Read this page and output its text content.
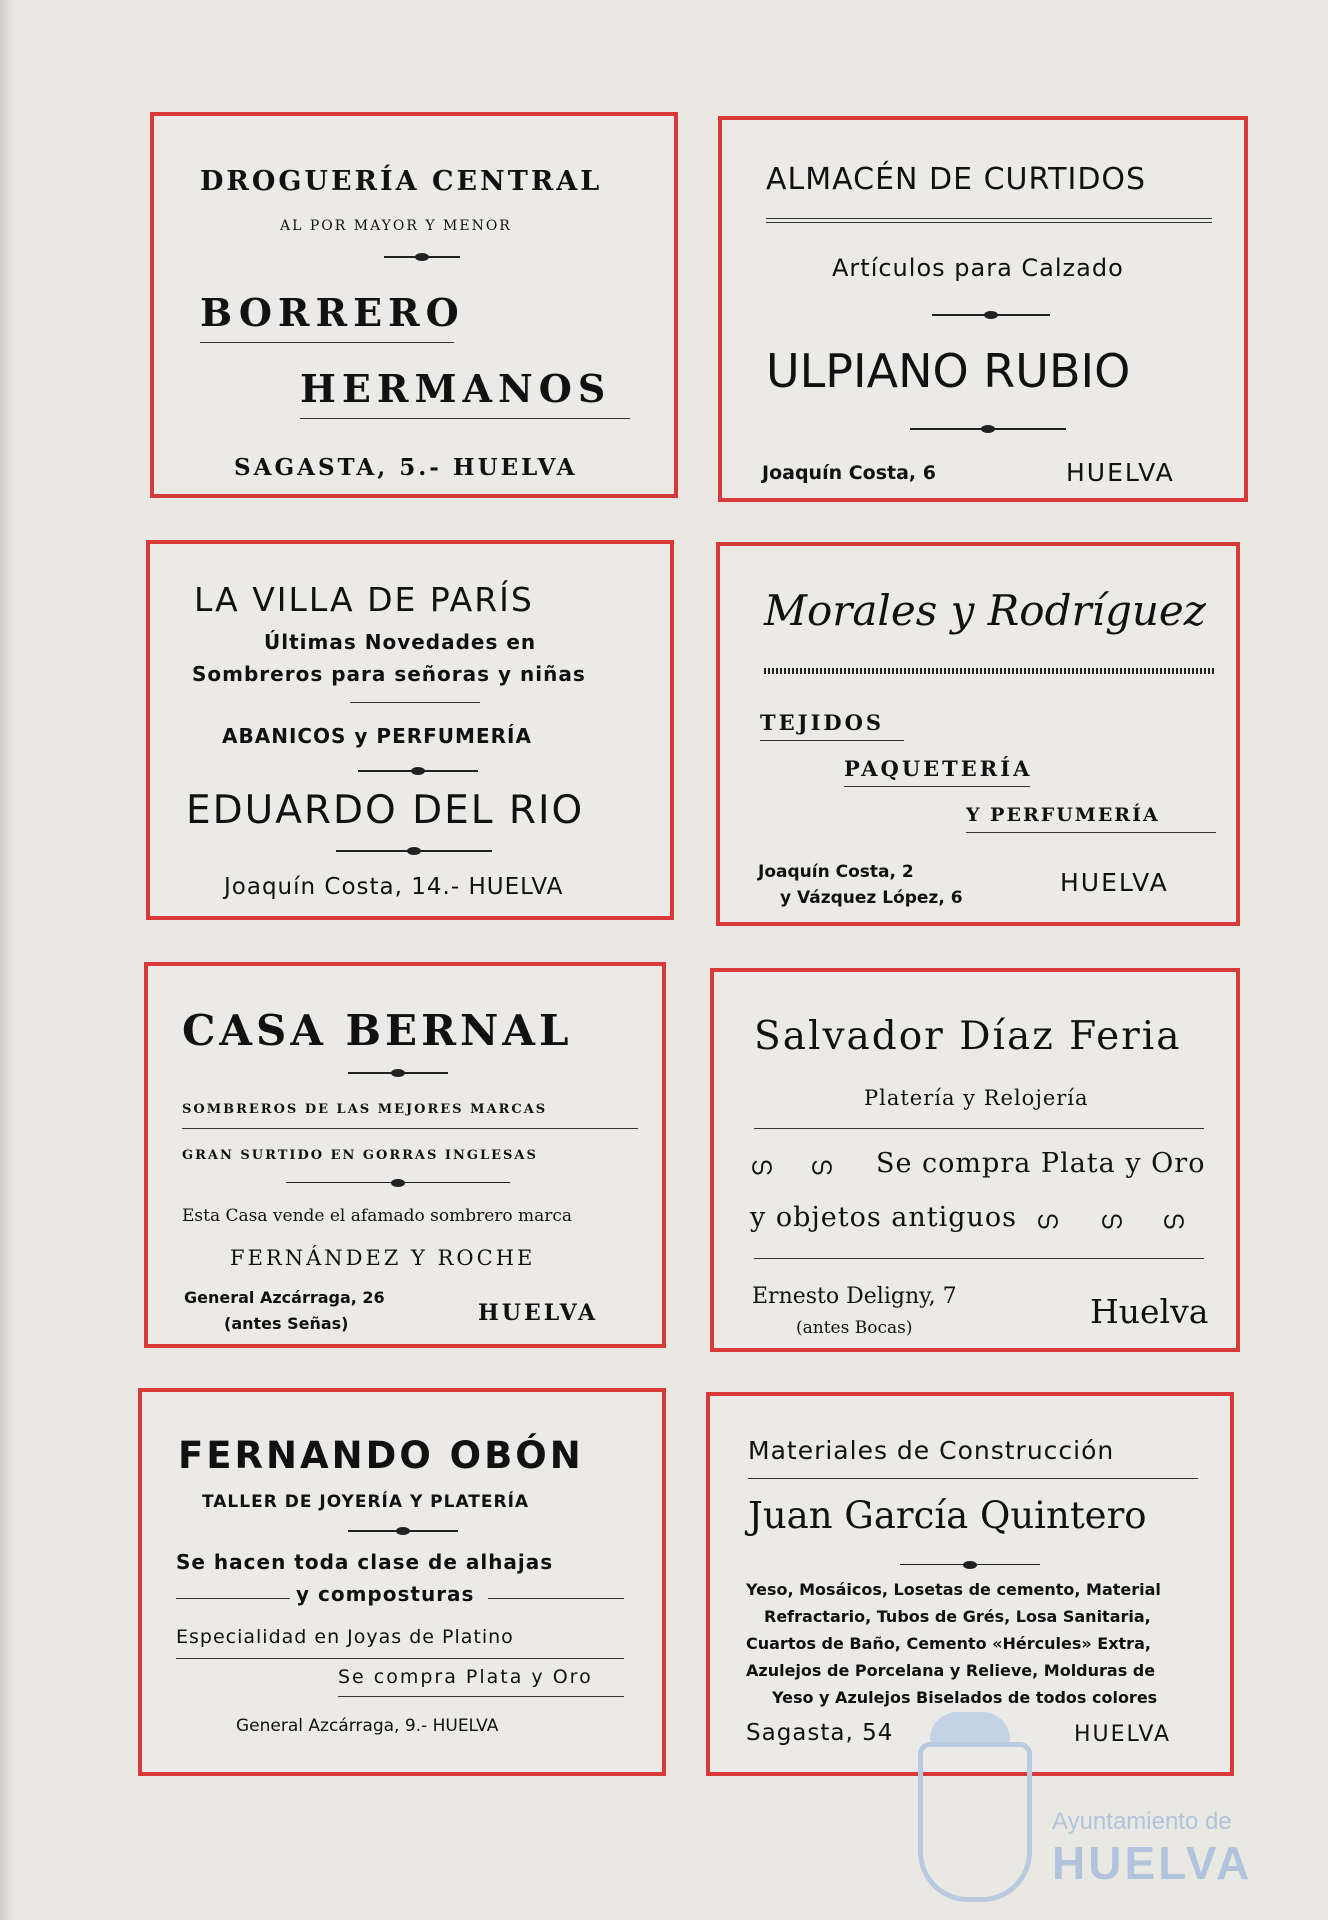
DROGUERÍA CENTRAL
AL POR MAYOR Y MENOR
BORRERO
HERMANOS
SAGASTA, 5.- HUELVA
ALMACÉN DE CURTIDOS
Artículos para Calzado
ULPIANO RUBIO
Joaquín Costa, 6	HUELVA
LA VILLA DE PARÍS
Últimas Novedades en
Sombreros para señoras y niñas
ABANICOS y PERFUMERÍA
EDUARDO DEL RIO
Joaquín Costa, 14.- HUELVA
Morales y Rodríguez
TEJIDOS
PAQUETERÍA
Y PERFUMERÍA
Joaquín Costa, 2
y Vázquez López, 6
HUELVA
CASA BERNAL
SOMBREROS DE LAS MEJORES MARCAS
GRAN SURTIDO EN GORRAS INGLESAS
Esta Casa vende el afamado sombrero marca
FERNÁNDEZ Y ROCHE
General Azcárraga, 26
(antes Señas)	HUELVA
Salvador Díaz Feria
Platería y Relojería
ഗ ഗ Se compra Plata y Oro
y objetos antiguos ഗ ഗ ഗ
Ernesto Deligny, 7
(antes Bocas)	Huelva
FERNANDO OBÓN
TALLER DE JOYERÍA Y PLATERÍA
Se hacen toda clase de alhajas
y composturas
Especialidad en Joyas de Platino
Se compra Plata y Oro
General Azcárraga, 9.- HUELVA
Materiales de Construcción
Juan García Quintero
Yeso, Mosáicos, Losetas de cemento, Material
Refractario, Tubos de Grés, Losa Sanitaria,
Cuartos de Baño, Cemento «Hércules» Extra,
Azulejos de Porcelana y Relieve, Molduras de
Yeso y Azulejos Biselados de todos colores
Sagasta, 54	HUELVA
Ayuntamiento de
HUELVA
